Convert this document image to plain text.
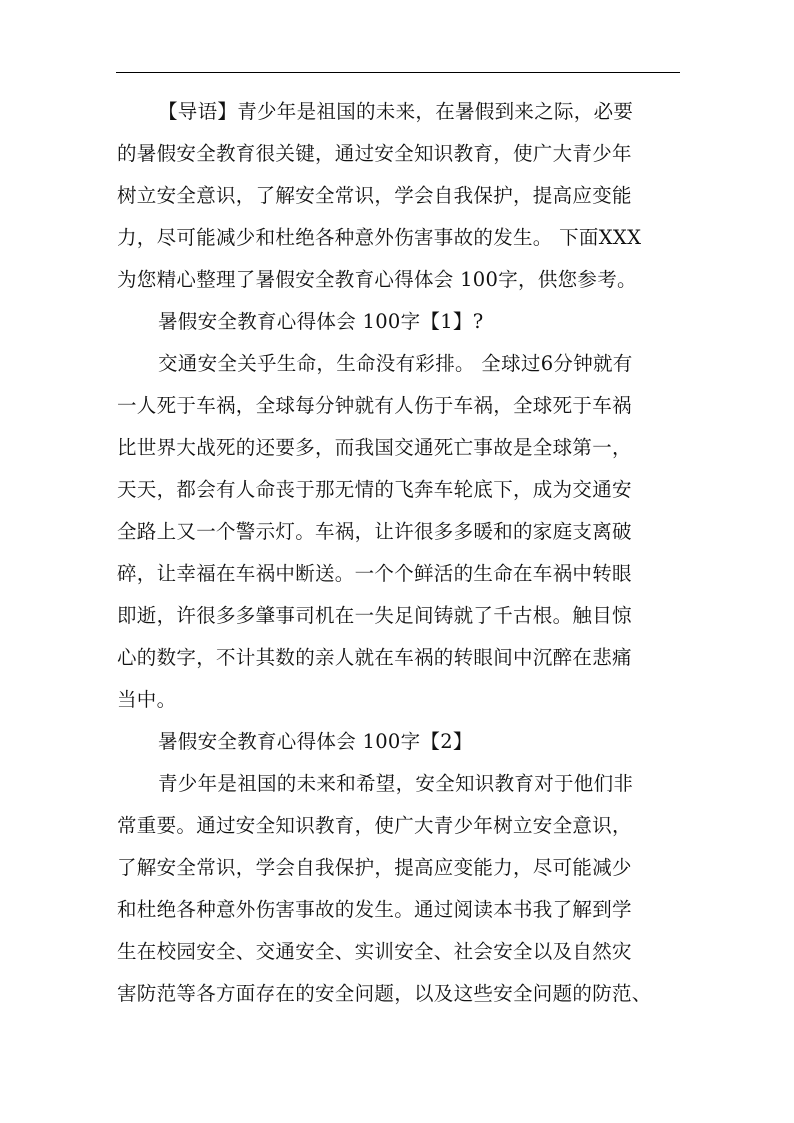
【导语】青少年是祖国的未来，在暑假到来之际，必要
的暑假安全教育很关键，通过安全知识教育，使广大青少年
树立安全意识，了解安全常识，学会自我保护，提高应变能
力，尽可能减少和杜绝各种意外伤害事故的发生。 下面XXX
为您精心整理了暑假安全教育心得体会 100字，供您参考。
暑假安全教育心得体会 100字【1】?
交通安全关乎生命，生命没有彩排。 全球过6分钟就有
一人死于车祸，全球每分钟就有人伤于车祸，全球死于车祸
比世界大战死的还要多，而我国交通死亡事故是全球第一，
天天，都会有人命丧于那无情的飞奔车轮底下，成为交通安
全路上又一个警示灯。车祸，让许很多多暖和的家庭支离破
碎，让幸福在车祸中断送。一个个鲜活的生命在车祸中转眼
即逝，许很多多肇事司机在一失足间铸就了千古根。触目惊
心的数字，不计其数的亲人就在车祸的转眼间中沉醉在悲痛
当中。
暑假安全教育心得体会 100字【2】
青少年是祖国的未来和希望，安全知识教育对于他们非
常重要。通过安全知识教育，使广大青少年树立安全意识，
了解安全常识，学会自我保护，提高应变能力，尽可能减少
和杜绝各种意外伤害事故的发生。通过阅读本书我了解到学
生在校园安全、交通安全、实训安全、社会安全以及自然灾
害防范等各方面存在的安全问题，以及这些安全问题的防范、
